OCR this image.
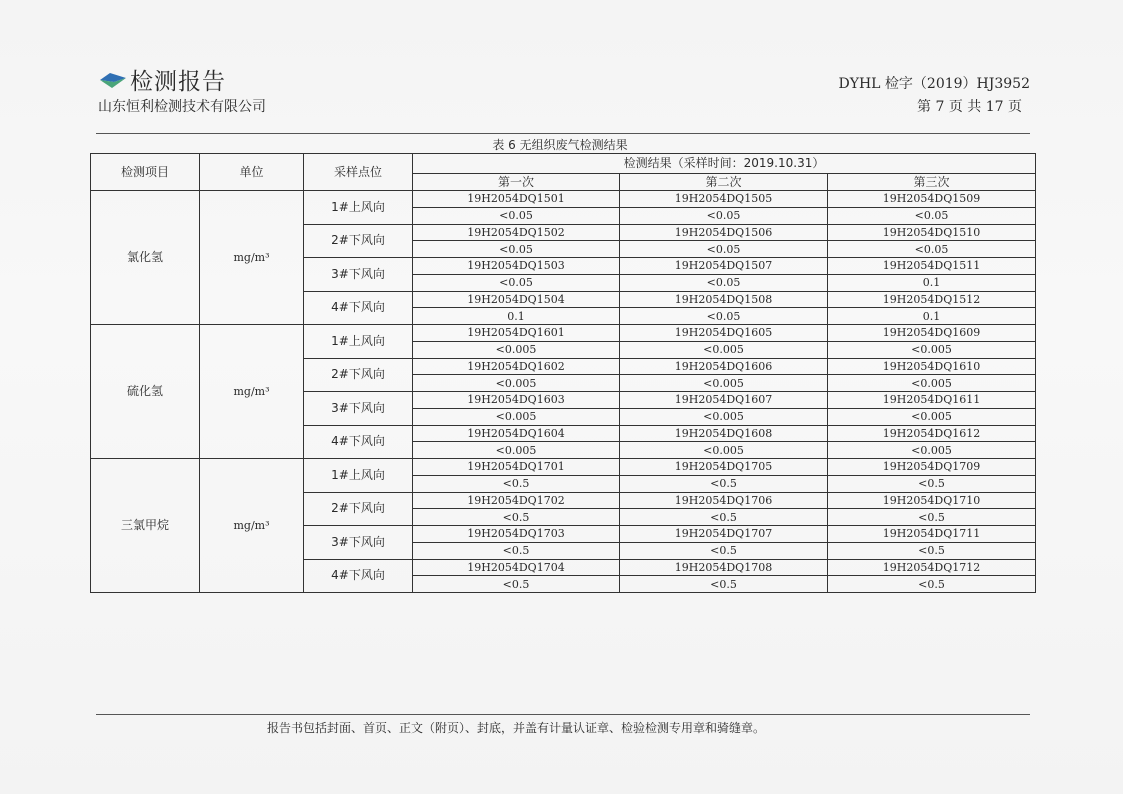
检测报告
山东恒利检测技术有限公司
DYHL 检字（2019）HJ3952
第 7 页 共 17 页
表 6 无组织废气检测结果
检测项目	单位	采样点位	检测结果（采样时间：2019.10.31）		
			第一次	第二次	第三次
氯化氢	mg/m³	1#上风向	19H2054DQ1501	19H2054DQ1505	19H2054DQ1509
			<0.05	<0.05	<0.05
		2#下风向	19H2054DQ1502	19H2054DQ1506	19H2054DQ1510
			<0.05	<0.05	<0.05
		3#下风向	19H2054DQ1503	19H2054DQ1507	19H2054DQ1511
			<0.05	<0.05	0.1
		4#下风向	19H2054DQ1504	19H2054DQ1508	19H2054DQ1512
			0.1	<0.05	0.1
硫化氢	mg/m³	1#上风向	19H2054DQ1601	19H2054DQ1605	19H2054DQ1609
			<0.005	<0.005	<0.005
		2#下风向	19H2054DQ1602	19H2054DQ1606	19H2054DQ1610
			<0.005	<0.005	<0.005
		3#下风向	19H2054DQ1603	19H2054DQ1607	19H2054DQ1611
			<0.005	<0.005	<0.005
		4#下风向	19H2054DQ1604	19H2054DQ1608	19H2054DQ1612
			<0.005	<0.005	<0.005
三氯甲烷	mg/m³	1#上风向	19H2054DQ1701	19H2054DQ1705	19H2054DQ1709
			<0.5	<0.5	<0.5
		2#下风向	19H2054DQ1702	19H2054DQ1706	19H2054DQ1710
			<0.5	<0.5	<0.5
		3#下风向	19H2054DQ1703	19H2054DQ1707	19H2054DQ1711
			<0.5	<0.5	<0.5
		4#下风向	19H2054DQ1704	19H2054DQ1708	19H2054DQ1712
			<0.5	<0.5	<0.5
报告书包括封面、首页、正文（附页）、封底，并盖有计量认证章、检验检测专用章和骑缝章。
